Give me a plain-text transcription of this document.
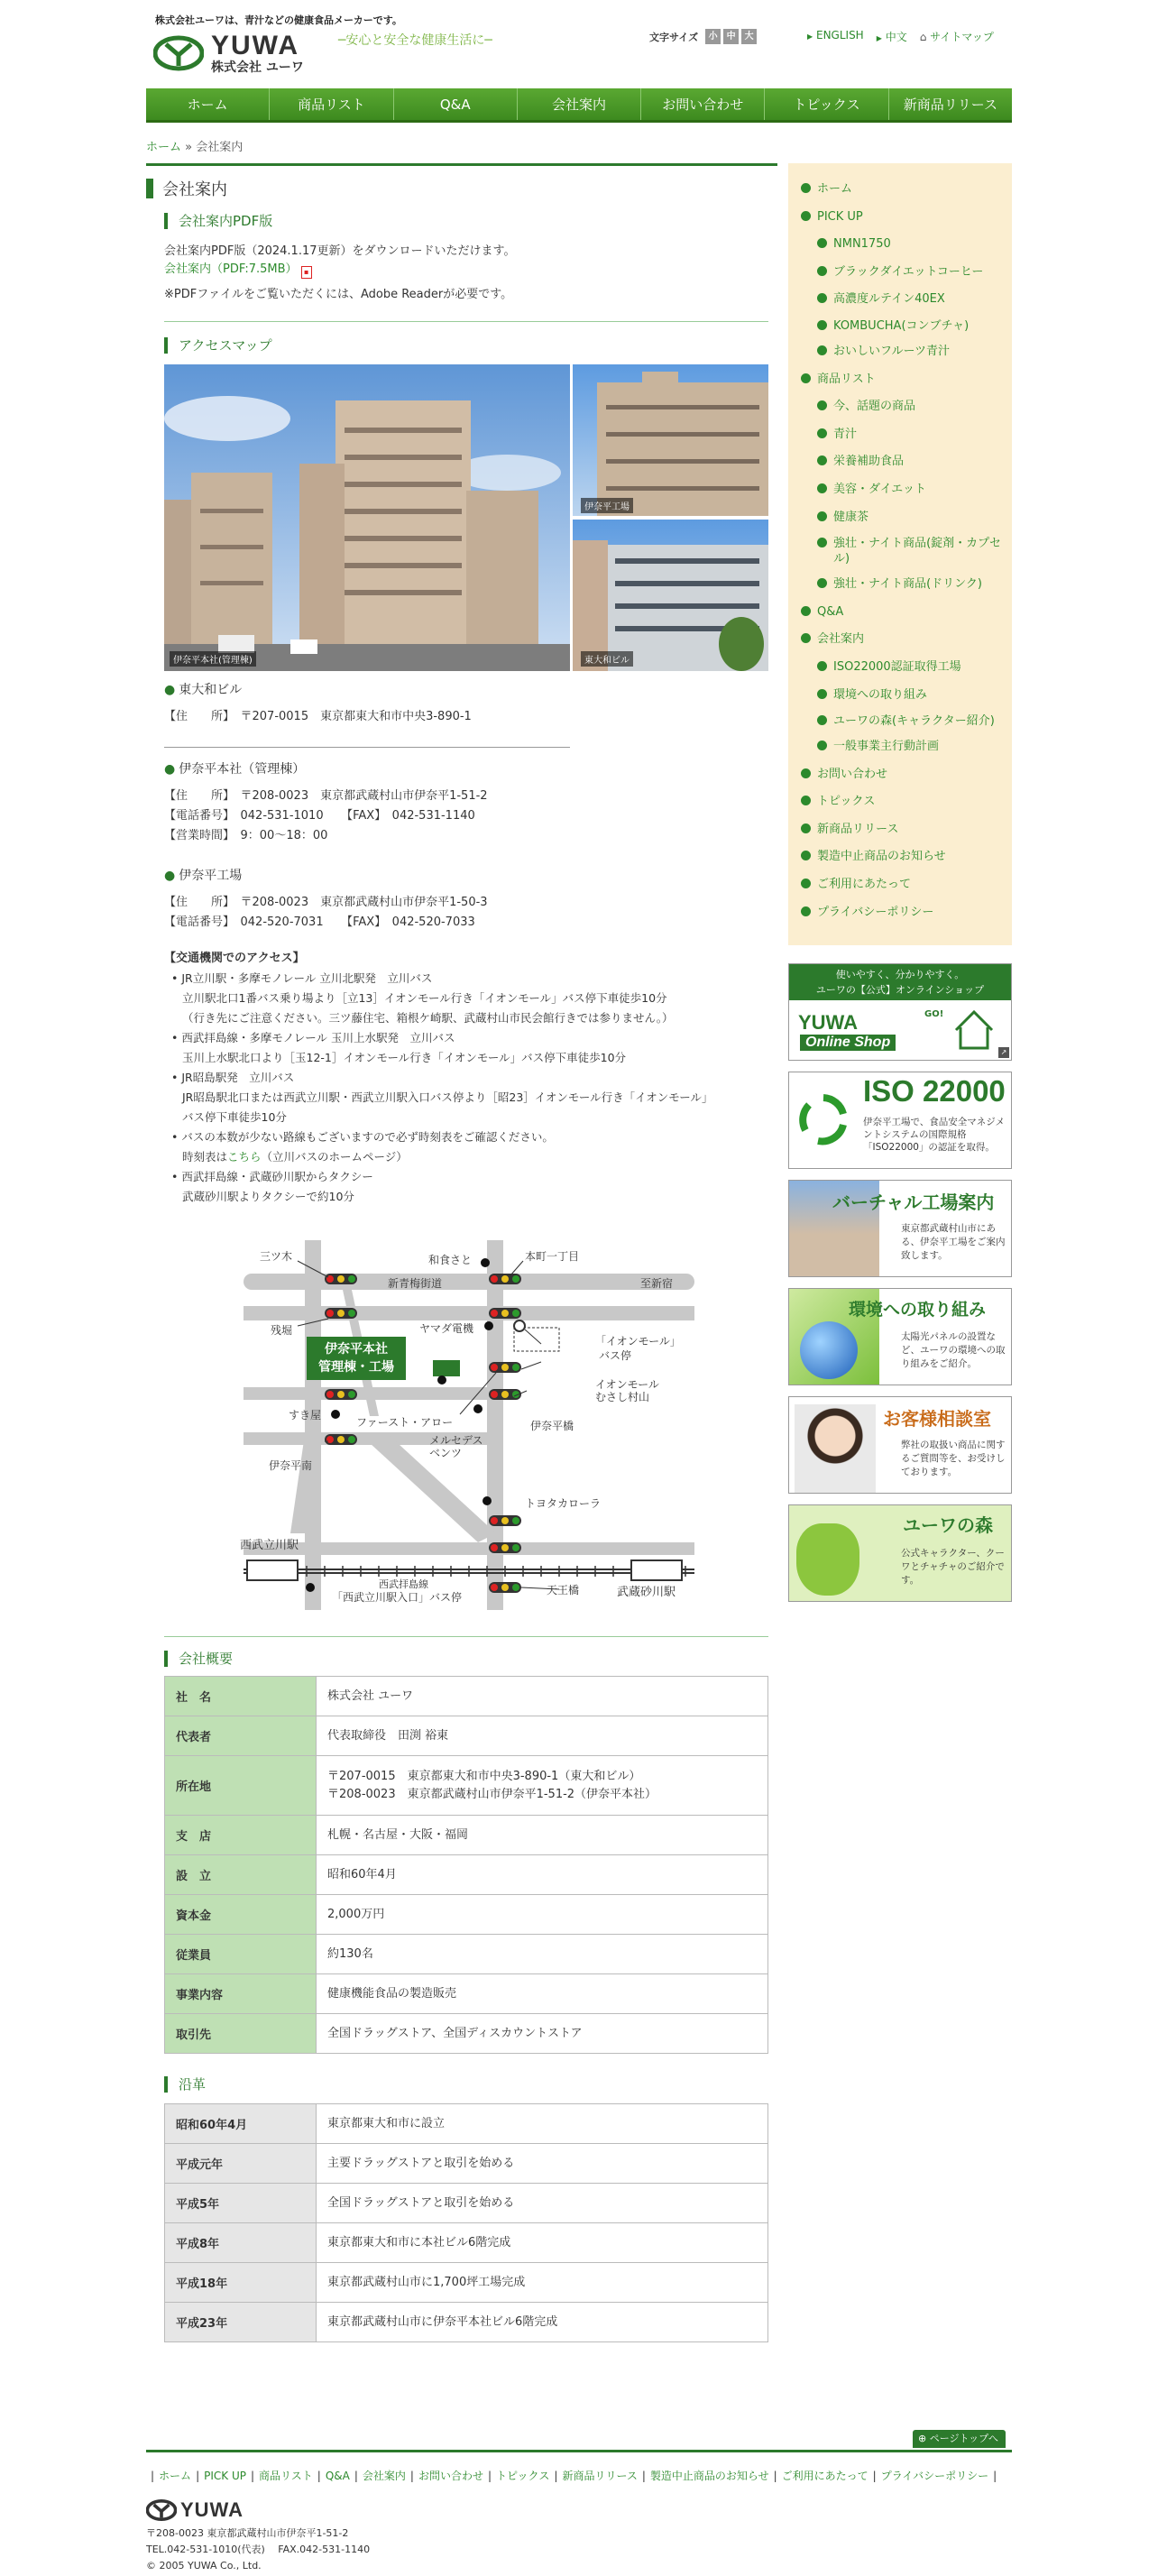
株式会社ユーワは、青汁などの健康食品メーカーです。
YUWA
株式会社 ユーワ
─安心と安全な健康生活に─	文字サイズ	小	中	大	▶ ENGLISH ▶ 中文 ⌂ サイトマップ
ホーム	商品リスト	Q&A	会社案内	お問い合わせ	トピックス	新商品リリース
ホーム » 会社案内
会社案内
会社案内PDF版
会社案内PDF版（2024.1.17更新）をダウンロードいただけます。
会社案内（PDF:7.5MB） ▪
※PDFファイルをご覧いただくには、Adobe Readerが必要です。
アクセスマップ
伊奈平本社(管理棟)
伊奈平工場
東大和ビル
● 東大和ビル
【住　　所】　〒207-0015　東京都東大和市中央3-890-1
● 伊奈平本社（管理棟）
【住　　所】　〒208-0023　東京都武蔵村山市伊奈平1-51-2
【電話番号】　042-531-1010　　【FAX】　042-531-1140
【営業時間】　9：00～18：00
● 伊奈平工場
【住　　所】　〒208-0023　東京都武蔵村山市伊奈平1-50-3
【電話番号】　042-520-7031　　【FAX】　042-520-7033
【交通機関でのアクセス】
• JR立川駅・多摩モノレール 立川北駅発　立川バス
立川駅北口1番バス乗り場より［立13］イオンモール行き「イオンモール」バス停下車徒歩10分
（行き先にご注意ください。三ツ藤住宅、箱根ケ崎駅、武蔵村山市民会館行きでは参りません。）
• 西武拝島線・多摩モノレール 玉川上水駅発　立川バス
玉川上水駅北口より［玉12-1］イオンモール行き「イオンモール」バス停下車徒歩10分
• JR昭島駅発　立川バス
JR昭島駅北口または西武立川駅・西武立川駅入口バス停より［昭23］イオンモール行き「イオンモール」
バス停下車徒歩10分
• バスの本数が少ない路線もございますので必ず時刻表をご確認ください。
時刻表はこちら（立川バスのホームページ）
• 西武拝島線・武蔵砂川駅からタクシー
武蔵砂川駅よりタクシーで約10分
三ツ木	和食さと	本町一丁目
新青梅街道	至新宿
残堀	ヤマダ電機
「イオンモール」
バス停
伊奈平本社
管理棟・工場
イオンモール
むさし村山
すき屋
ファースト・アロー	伊奈平橋
メルセデス
ベンツ
伊奈平南
トヨタカローラ
西武立川駅
西武拝島線
「西武立川駅入口」バス停
天王橋	武蔵砂川駅
会社概要
社　名	株式会社 ユーワ
代表者	代表取締役　田渕 裕東
所在地	〒207-0015　東京都東大和市中央3-890-1（東大和ビル）
〒208-0023　東京都武蔵村山市伊奈平1-51-2（伊奈平本社）

支　店	札幌・名古屋・大阪・福岡
設　立	昭和60年4月
資本金	2,000万円
従業員	約130名
事業内容	健康機能食品の製造販売
取引先	全国ドラッグストア、全国ディスカウントストア
沿革
昭和60年4月	東京都東大和市に設立
平成元年	主要ドラッグストアと取引を始める
平成5年	全国ドラッグストアと取引を始める
平成8年	東京都東大和市に本社ビル6階完成
平成18年	東京都武蔵村山市に1,700坪工場完成
平成23年	東京都武蔵村山市に伊奈平本社ビル6階完成
ホーム
PICK UP
NMN1750
ブラックダイエットコーヒー
高濃度ルテイン40EX
KOMBUCHA(コンブチャ)
おいしいフルーツ青汁
商品リスト
今、話題の商品
青汁
栄養補助食品
美容・ダイエット
健康茶
強壮・ナイト商品(錠剤・カプセル)
強壮・ナイト商品(ドリンク)
Q&A
会社案内
ISO22000認証取得工場
環境への取り組み
ユーワの森(キャラクター紹介)
一般事業主行動計画
お問い合わせ
トピックス
新商品リリース
製造中止商品のお知らせ
ご利用にあたって
プライバシーポリシー
使いやすく、分かりやすく。
ユーワの【公式】オンラインショップ
YUWA
Online Shop
GO!
↗
ISO 22000
伊奈平工場で、食品安全マネジメントシステムの国際規格「ISO22000」の認証を取得。
バーチャル工場案内
東京都武蔵村山市にある、伊奈平工場をご案内致します。
環境への取り組み
太陽光パネルの設置など、ユーワの環境への取り組みをご紹介。
お客様相談室
弊社の取扱い商品に関するご質問等を、お受けしております。
ユーワの森
公式キャラクター、クーワとチャチャのご紹介です。
⊕ ページトップへ
| ホーム | PICK UP | 商品リスト | Q&A | 会社案内 | お問い合わせ | トピックス | 新商品リリース | 製造中止商品のお知らせ | ご利用にあたって | プライバシーポリシー |
YUWA
〒208-0023 東京都武蔵村山市伊奈平1-51-2
TEL.042-531-1010(代表)　 FAX.042-531-1140
© 2005 YUWA Co., Ltd.
